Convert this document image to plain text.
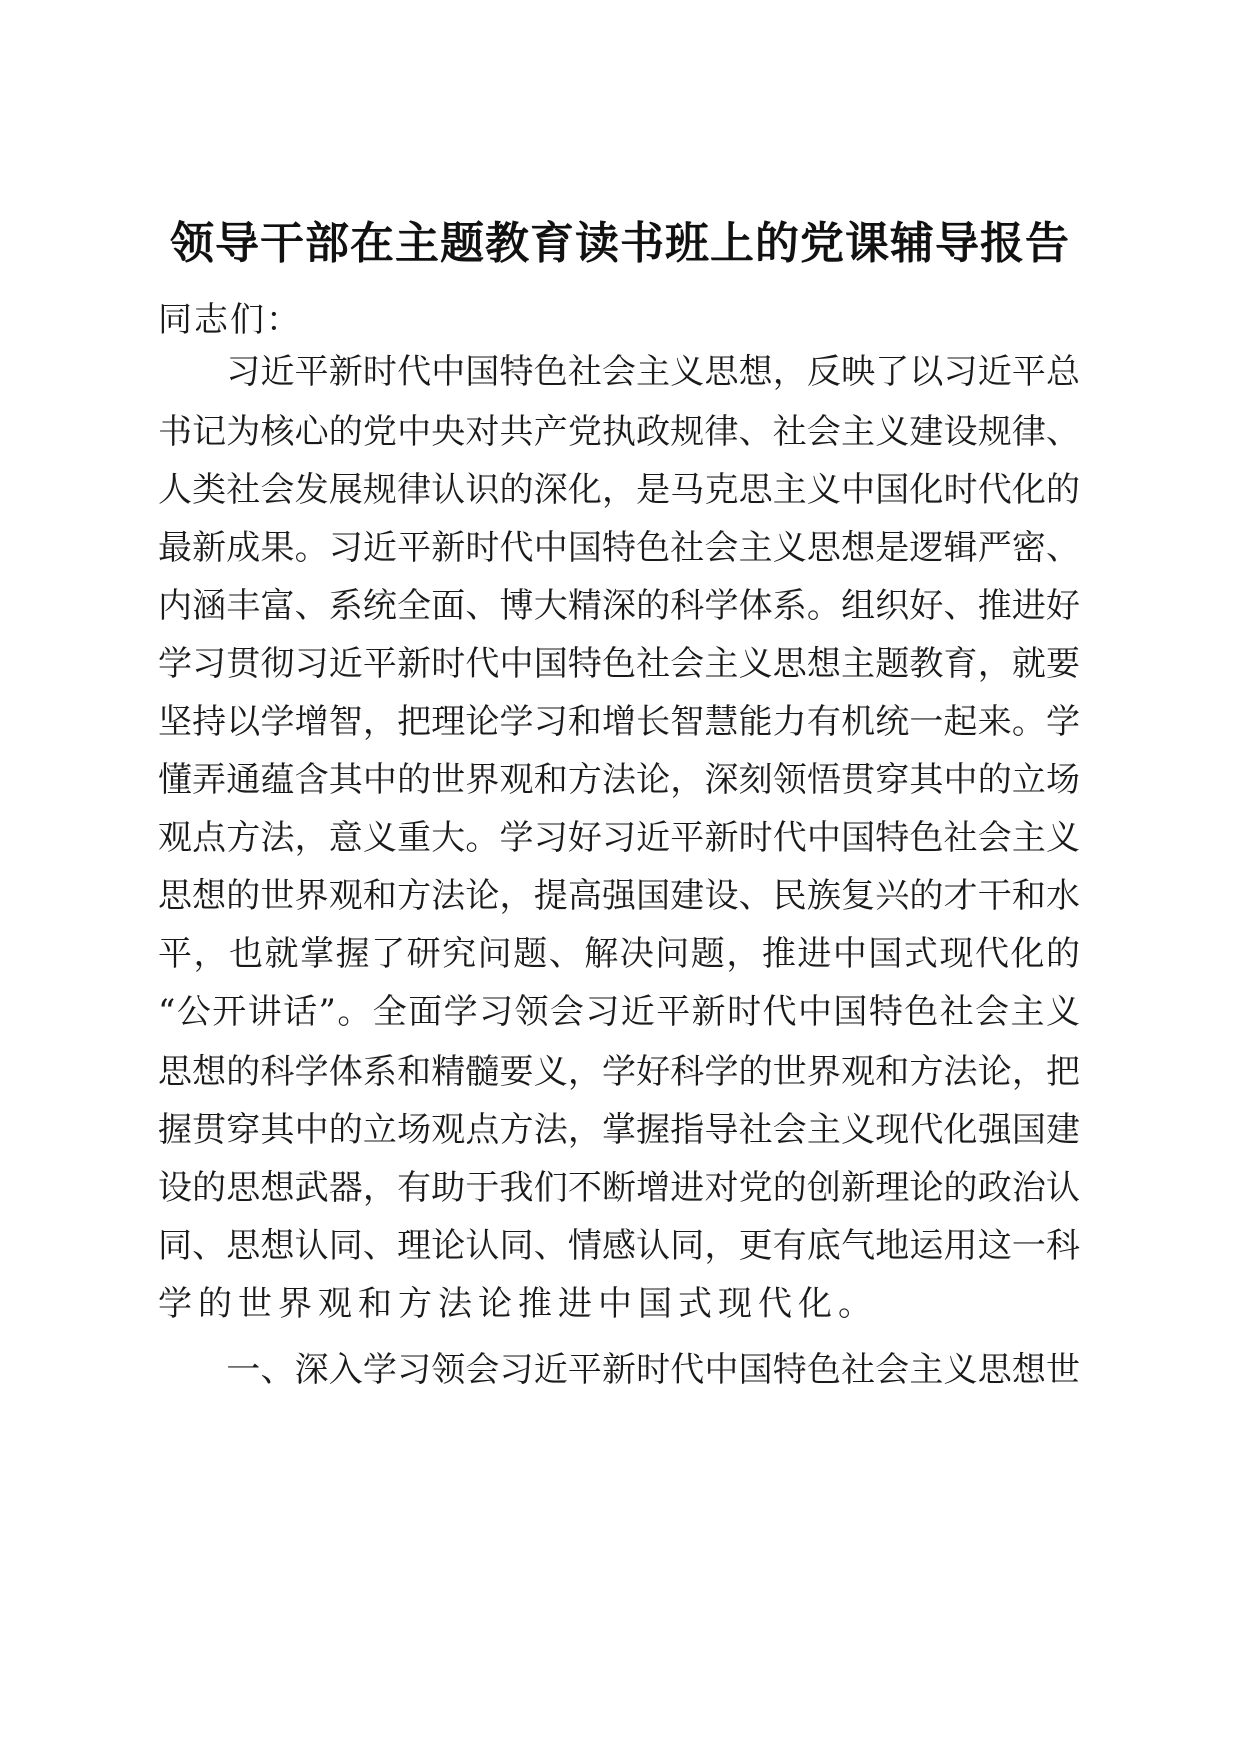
领导干部在主题教育读书班上的党课辅导报告
同志们：
　　习近平新时代中国特色社会主义思想，反映了以习近平总
书记为核心的党中央对共产党执政规律、社会主义建设规律、
人类社会发展规律认识的深化，是马克思主义中国化时代化的
最新成果。习近平新时代中国特色社会主义思想是逻辑严密、
内涵丰富、系统全面、博大精深的科学体系。组织好、推进好
学习贯彻习近平新时代中国特色社会主义思想主题教育，就要
坚持以学增智，把理论学习和增长智慧能力有机统一起来。学
懂弄通蕴含其中的世界观和方法论，深刻领悟贯穿其中的立场
观点方法，意义重大。学习好习近平新时代中国特色社会主义
思想的世界观和方法论，提高强国建设、民族复兴的才干和水
平，也就掌握了研究问题、解决问题，推进中国式现代化的
“公开讲话”。全面学习领会习近平新时代中国特色社会主义
思想的科学体系和精髓要义，学好科学的世界观和方法论，把
握贯穿其中的立场观点方法，掌握指导社会主义现代化强国建
设的思想武器，有助于我们不断增进对党的创新理论的政治认
同、思想认同、理论认同、情感认同，更有底气地运用这一科
学的世界观和方法论推进中国式现代化。
　　一、深入学习领会习近平新时代中国特色社会主义思想世
